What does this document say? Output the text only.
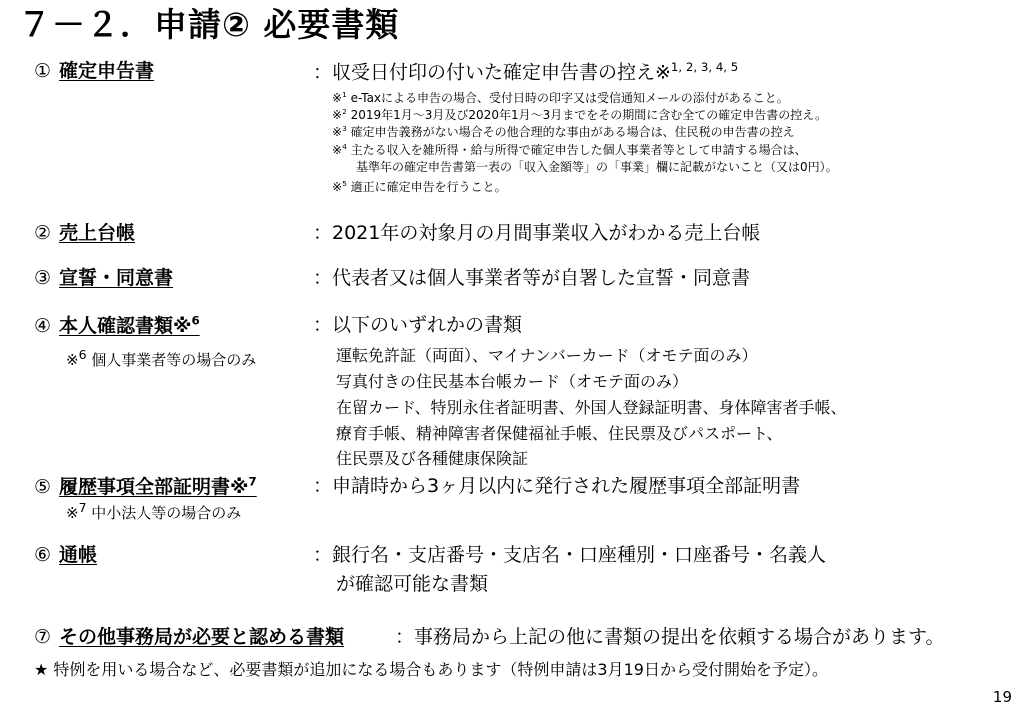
７－２．申請② 必要書類
① 確定申告書	：収受日付印の付いた確定申告書の控え※$^{1, 2, 3, 4, 5}$
※$^1$ e-Taxによる申告の場合、受付日時の印字又は受信通知メールの添付があること。
※$^2$ 2019年1月～3月及び2020年1月～3月までをその期間に含む全ての確定申告書の控え。
※$^3$ 確定申告義務がない場合その他合理的な事由がある場合は、住民税の申告書の控え
※$^4$ 主たる収入を雑所得・給与所得で確定申告した個人事業者等として申請する場合は、
基準年の確定申告書第一表の「収入金額等」の「事業」欄に記載がないこと（又は0円）。
※$^5$ 適正に確定申告を行うこと。
② 売上台帳	：2021年の対象月の月間事業収入がわかる売上台帳
③ 宣誓・同意書	：代表者又は個人事業者等が自署した宣誓・同意書
④ 本人確認書類※$^6$	：以下のいずれかの書類
※$^6$ 個人事業者等の場合のみ	運転免許証（両面）、マイナンバーカード（オモテ面のみ）
写真付きの住民基本台帳カード（オモテ面のみ）
在留カード、特別永住者証明書、外国人登録証明書、身体障害者手帳、
療育手帳、精神障害者保健福祉手帳、住民票及びパスポート、
住民票及び各種健康保険証
⑤ 履歴事項全部証明書※$^7$	：申請時から3ヶ月以内に発行された履歴事項全部証明書
※$^7$ 中小法人等の場合のみ
⑥ 通帳	：銀行名・支店番号・支店名・口座種別・口座番号・名義人
が確認可能な書類
⑦ その他事務局が必要と認める書類	：事務局から上記の他に書類の提出を依頼する場合があります。
★ 特例を用いる場合など、必要書類が追加になる場合もあります（特例申請は3月19日から受付開始を予定）。
19
